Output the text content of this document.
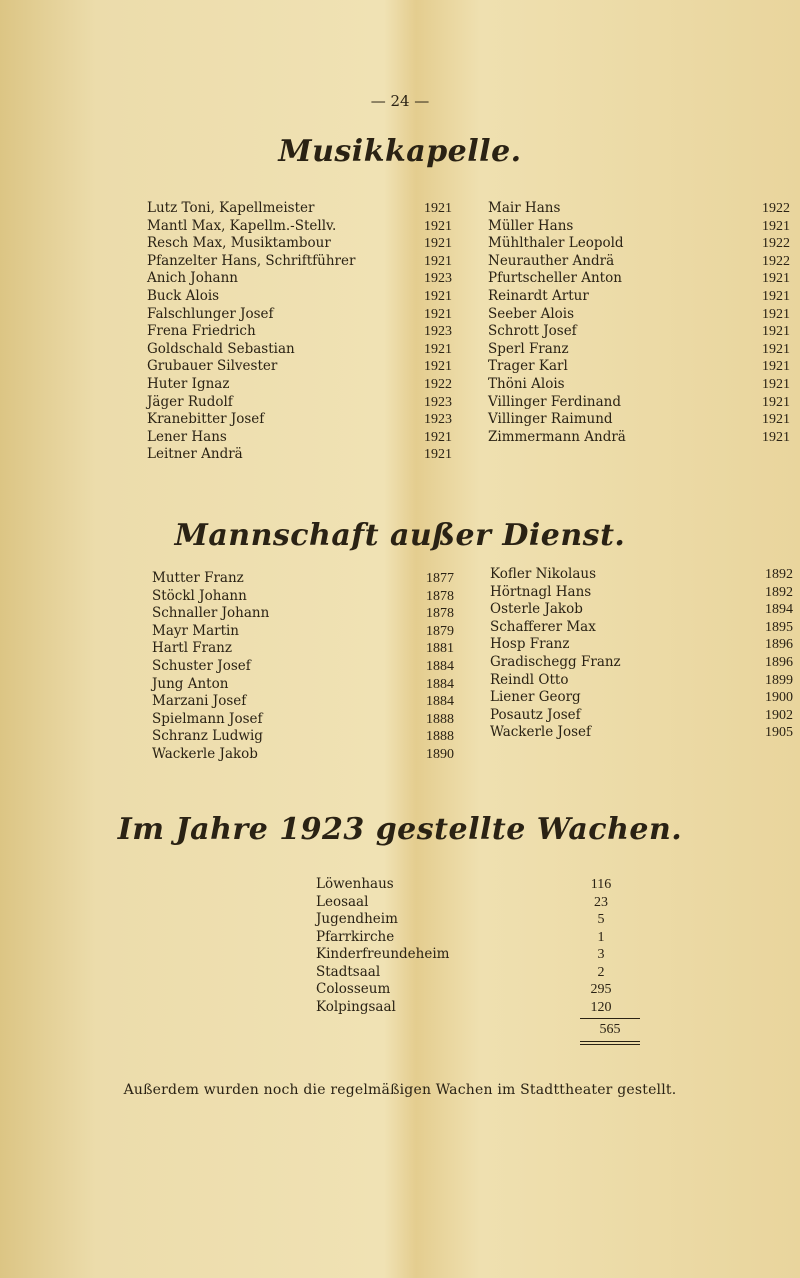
— 24 —
Musikkapelle.
Lutz Toni, Kapellmeister	1921
Mantl Max, Kapellm.-Stellv.	1921
Resch Max, Musiktambour	1921
Pfanzelter Hans, Schriftführer	1921
Anich Johann	1923
Buck Alois	1921
Falschlunger Josef	1921
Frena Friedrich	1923
Goldschald Sebastian	1921
Grubauer Silvester	1921
Huter Ignaz	1922
Jäger Rudolf	1923
Kranebitter Josef	1923
Lener Hans	1921
Leitner Andrä	1921
Mair Hans	1922
Müller Hans	1921
Mühlthaler Leopold	1922
Neurauther Andrä	1922
Pfurtscheller Anton	1921
Reinardt Artur	1921
Seeber Alois	1921
Schrott Josef	1921
Sperl Franz	1921
Trager Karl	1921
Thöni Alois	1921
Villinger Ferdinand	1921
Villinger Raimund	1921
Zimmermann Andrä	1921
Mannschaft außer Dienst.
Mutter Franz	1877
Stöckl Johann	1878
Schnaller Johann	1878
Mayr Martin	1879
Hartl Franz	1881
Schuster Josef	1884
Jung Anton	1884
Marzani Josef	1884
Spielmann Josef	1888
Schranz Ludwig	1888
Wackerle Jakob	1890
Kofler Nikolaus	1892
Hörtnagl Hans	1892
Osterle Jakob	1894
Schafferer Max	1895
Hosp Franz	1896
Gradischegg Franz	1896
Reindl Otto	1899
Liener Georg	1900
Posautz Josef	1902
Wackerle Josef	1905
Im Jahre 1923 gestellte Wachen.
Löwenhaus	116
Leosaal	23
Jugendheim	5
Pfarrkirche	1
Kinderfreundeheim	3
Stadtsaal	2
Colosseum	295
Kolpingsaal	120
565
Außerdem wurden noch die regelmäßigen Wachen im Stadttheater gestellt.
